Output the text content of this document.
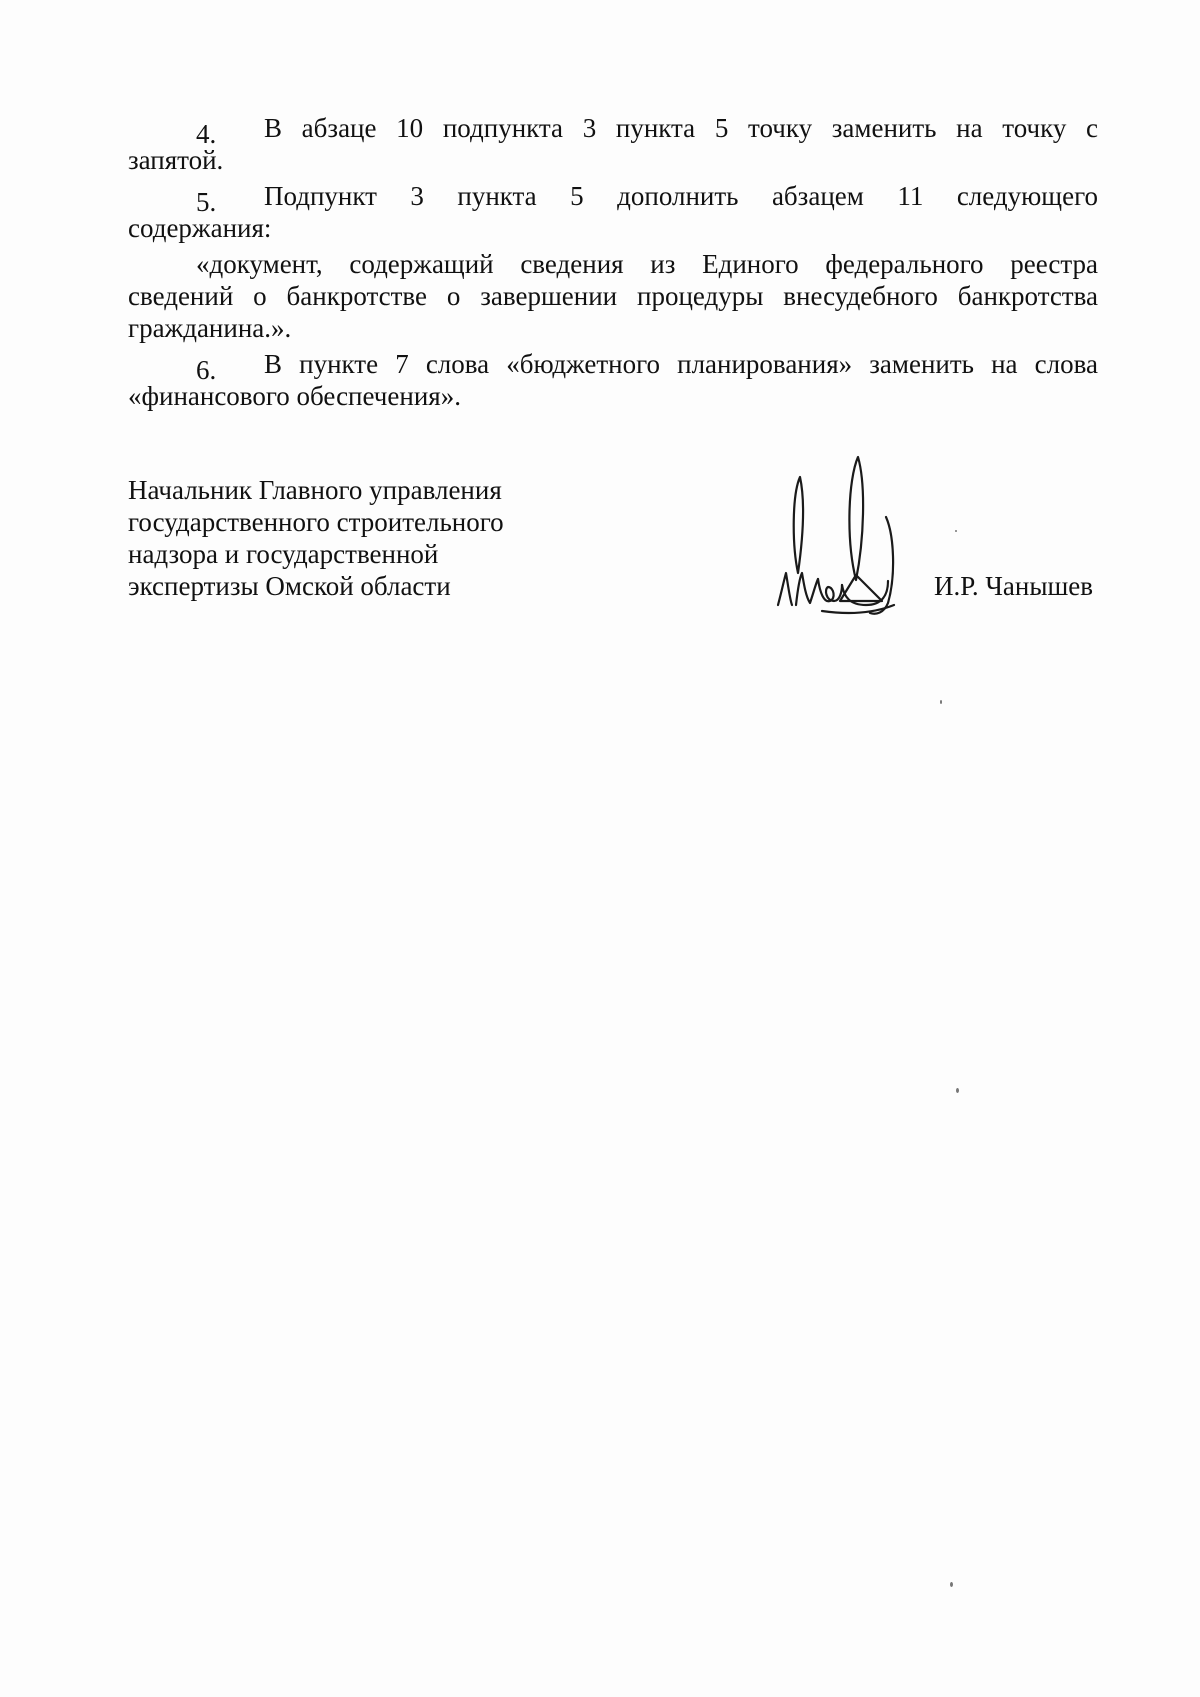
4.	В абзаце 10 подпункта 3 пункта 5 точку заменить на точку с
запятой.
5.	Подпункт 3 пункта 5 дополнить абзацем 11 следующего
содержания:
«документ, содержащий сведения из Единого федерального реестра
сведений о банкротстве о завершении процедуры внесудебного банкротства
гражданина.».
6.	В пункте 7 слова «бюджетного планирования» заменить на слова
«финансового обеспечения».
Начальник Главного управления
государственного строительного
надзора и государственной
экспертизы Омской области	И.Р. Чанышев
